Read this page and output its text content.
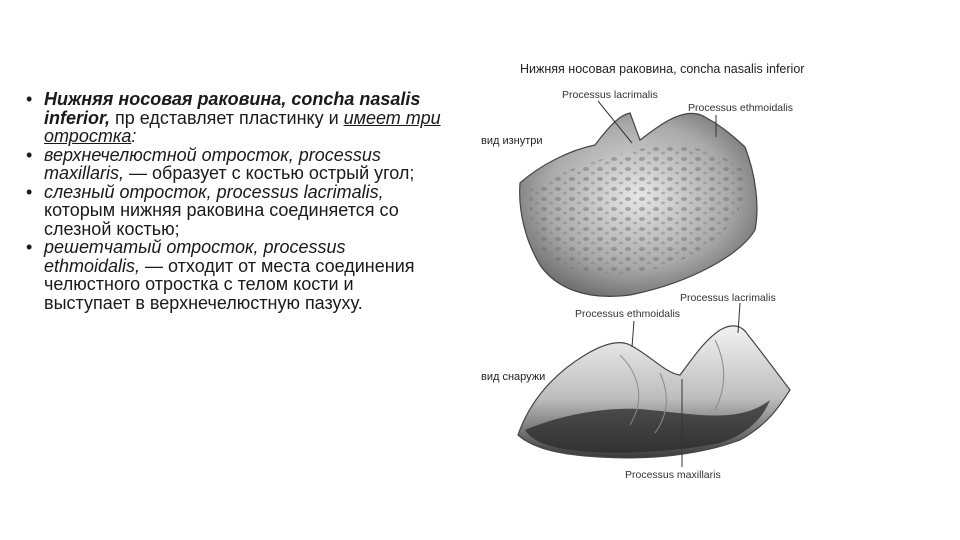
• Нижняя носовая раковина, concha nasalis inferior, пр едставляет пластинку и имеет три отростка:

• верхнечелюстной отросток, processus maxillaris, — образует с костью острый угол;

• слезный отросток, processus lacrimalis, которым нижняя раковина соединяется со слезной костью;

• решетчатый отросток, processus ethmoidalis, — отходит от места соединения челюстного отростка с телом кости и выступает в верхнечелюстную пазуху.

Нижняя носовая раковина, concha nasalis inferior
вид изнутри
вид снаружи
Processus lacrimalis
Processus ethmoidalis
Processus lacrimalis
Processus ethmoidalis
Processus maxillaris
